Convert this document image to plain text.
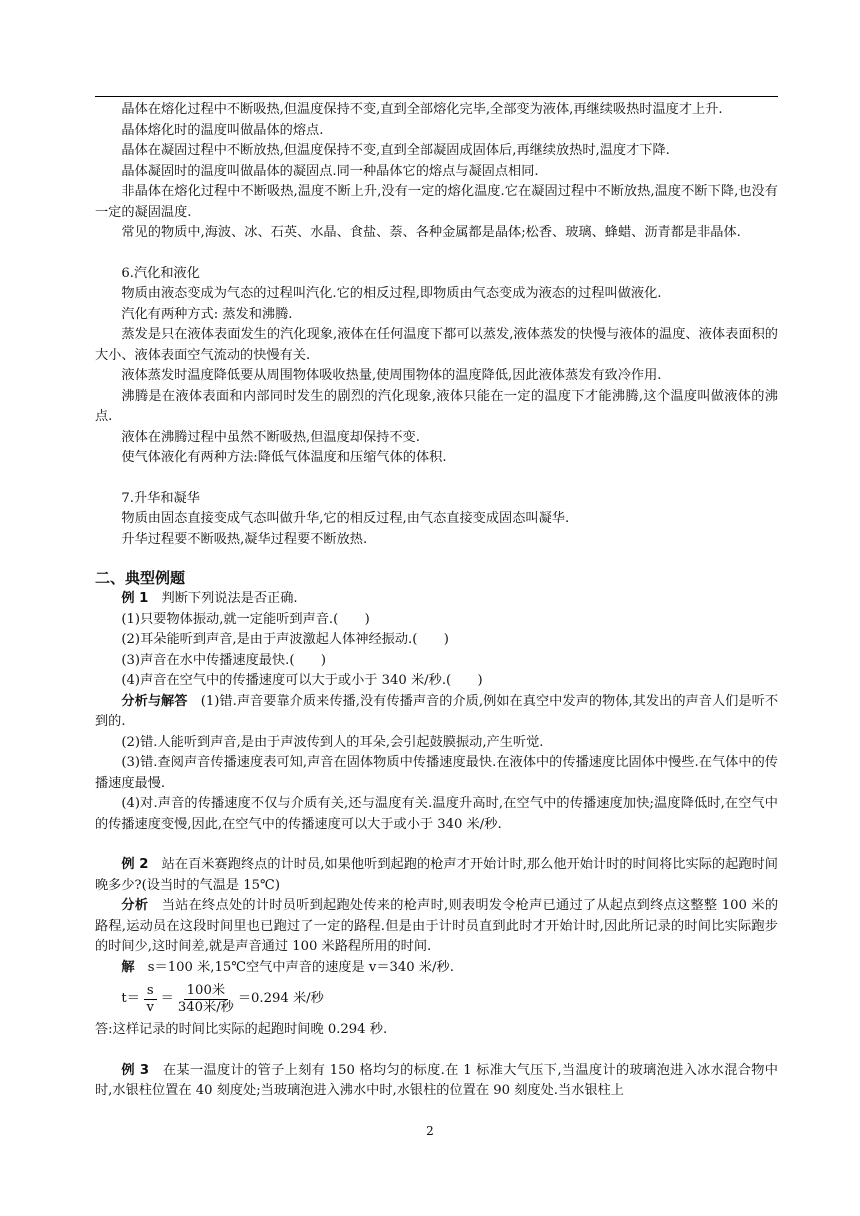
晶体在熔化过程中不断吸热,但温度保持不变,直到全部熔化完毕,全部变为液体,再继续吸热时温度才上升.

晶体熔化时的温度叫做晶体的熔点.

晶体在凝固过程中不断放热,但温度保持不变,直到全部凝固成固体后,再继续放热时,温度才下降.

晶体凝固时的温度叫做晶体的凝固点.同一种晶体它的熔点与凝固点相同.

非晶体在熔化过程中不断吸热,温度不断上升,没有一定的熔化温度.它在凝固过程中不断放热,温度不断下降,也没有一定的凝固温度.

常见的物质中,海波、冰、石英、水晶、食盐、萘、各种金属都是晶体;松香、玻璃、蜂蜡、沥青都是非晶体.

6.汽化和液化

物质由液态变成为气态的过程叫汽化.它的相反过程,即物质由气态变成为液态的过程叫做液化.

汽化有两种方式: 蒸发和沸腾.

蒸发是只在液体表面发生的汽化现象,液体在任何温度下都可以蒸发,液体蒸发的快慢与液体的温度、液体表面积的大小、液体表面空气流动的快慢有关.

液体蒸发时温度降低要从周围物体吸收热量,使周围物体的温度降低,因此液体蒸发有致冷作用.

沸腾是在液体表面和内部同时发生的剧烈的汽化现象,液体只能在一定的温度下才能沸腾,这个温度叫做液体的沸点.

液体在沸腾过程中虽然不断吸热,但温度却保持不变.

使气体液化有两种方法:降低气体温度和压缩气体的体积.

7.升华和凝华

物质由固态直接变成气态叫做升华,它的相反过程,由气态直接变成固态叫凝华.

升华过程要不断吸热,凝华过程要不断放热.

二、典型例题

例 1　 判断下列说法是否正确.

(1)只要物体振动,就一定能听到声音.(　　)

(2)耳朵能听到声音,是由于声波激起人体神经振动.(　　)

(3)声音在水中传播速度最快.(　　)

(4)声音在空气中的传播速度可以大于或小于 340 米/秒.(　　)

分析与解答　 (1)错.声音要靠介质来传播,没有传播声音的介质,例如在真空中发声的物体,其发出的声音人们是听不到的.

(2)错.人能听到声音,是由于声波传到人的耳朵,会引起鼓膜振动,产生听觉.

(3)错.查阅声音传播速度表可知,声音在固体物质中传播速度最快.在液体中的传播速度比固体中慢些.在气体中的传播速度最慢.

(4)对.声音的传播速度不仅与介质有关,还与温度有关.温度升高时,在空气中的传播速度加快;温度降低时,在空气中的传播速度变慢,因此,在空气中的传播速度可以大于或小于 340 米/秒.

例 2　 站在百米赛跑终点的计时员,如果他听到起跑的枪声才开始计时,那么他开始计时的时间将比实际的起跑时间晚多少?(设当时的气温是 15℃)

分析　 当站在终点处的计时员听到起跑处传来的枪声时,则表明发令枪声已通过了从起点到终点这整整 100 米的路程,运动员在这段时间里也已跑过了一定的路程.但是由于计时员直到此时才开始计时,因此所记录的时间比实际跑步的时间少,这时间差,就是声音通过 100 米路程所用的时间.

解　 s＝100 米,15℃空气中声音的速度是 v＝340 米/秒.

$t= \frac{s}{v} = \frac{\text{100米}}{\text{340米/秒}} =0.294$ 米/秒

答:这样记录的时间比实际的起跑时间晚 0.294 秒.

例 3　 在某一温度计的管子上刻有 150 格均匀的标度.在 1 标准大气压下,当温度计的玻璃泡进入冰水混合物中时,水银柱位置在 40 刻度处;当玻璃泡进入沸水中时,水银柱的位置在 90 刻度处.当水银柱上

2
